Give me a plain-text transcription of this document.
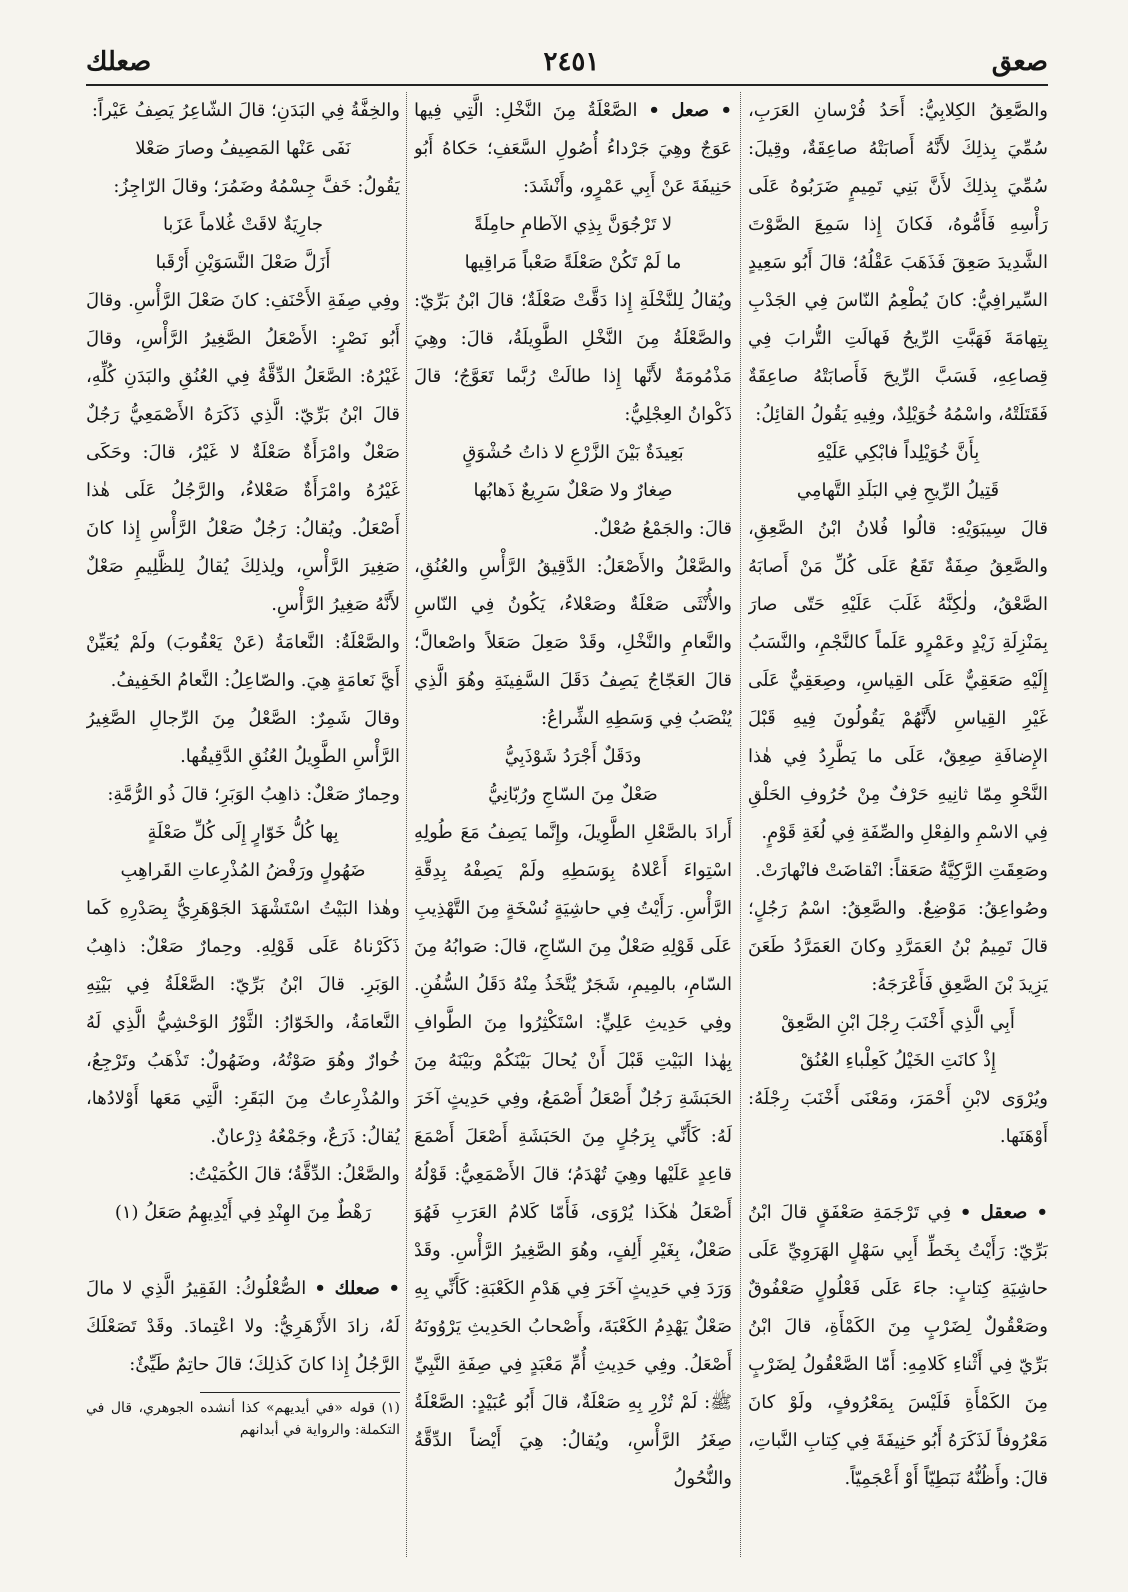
صعق
٢٤٥١
صعلك

والصَّعِقُ الكِلابِيُّ: أَحَدُ فُرْسانِ العَرَبِ، سُمِّيَ بِذلِكَ لأَنَّهُ أَصابَتْهُ صاعِقَةٌ، وقِيلَ: سُمِّيَ بِذلِكَ لأَنَّ بَنِي تَمِيمٍ ضَرَبُوهُ عَلَى رَأْسِهِ فَأَمُّوهُ، فَكانَ إِذا سَمِعَ الصَّوْتَ الشَّدِيدَ صَعِقَ فَذَهَبَ عَقْلُهُ؛ قالَ أَبُو سَعِيدٍ السِّيرافِيُّ: كانَ يُطْعِمُ النّاسَ فِي الجَدْبِ بِتِهامَةَ فَهَبَّتِ الرِّيحُ فَهالَتِ التُّرابَ فِي قِصاعِهِ، فَسَبَّ الرِّيحَ فَأَصابَتْهُ صاعِقَةٌ فَقَتَلَتْهُ، واسْمُهُ خُوَيْلِدٌ، وفِيهِ يَقُولُ القائِلُ:

بِأَنَّ خُوَيْلِداً فابْكِي عَلَيْهِ

قَتِيلُ الرِّيحِ فِي البَلَدِ التَّهامِي

قالَ سِيبَوَيْهِ: قالُوا فُلانُ ابْنُ الصَّعِقِ، والصَّعِقُ صِفَةٌ تَقَعُ عَلَى كُلِّ مَنْ أَصابَهُ الصَّعْقُ، ولٰكِنَّهُ غَلَبَ عَلَيْهِ حَتّى صارَ بِمَنْزِلَةِ زَيْدٍ وعَمْرٍو عَلَماً كالنَّجْمِ، والنَّسَبُ إِلَيْهِ صَعَقِيٌّ عَلَى القِياسِ، وصِعَقِيٌّ عَلَى غَيْرِ القِياسِ لأَنَّهُمْ يَقُولُونَ فِيهِ قَبْلَ الإِضافَةِ صِعِقٌ، عَلَى ما يَطَّرِدُ فِي هٰذا النَّحْوِ مِمّا ثانِيهِ حَرْفٌ مِنْ حُرُوفِ الحَلْقِ فِي الاسْمِ والفِعْلِ والصِّفَةِ فِي لُغَةِ قَوْمٍ.

وصَعِقَتِ الرَّكِيَّةُ صَعَقاً: انْقاضَتْ فانْهارَتْ.

وصُواعِقُ: مَوْضِعٌ. والصَّعِقُ: اسْمُ رَجُلٍ؛ قالَ تَمِيمُ بْنُ العَمَرَّدِ وكانَ العَمَرَّدُ طَعَنَ يَزِيدَ بْنَ الصَّعِقِ فَأَعْرَجَهُ:

أَبِي الَّذِي أَخْنَبَ رِجْلَ ابْنِ الصَّعِقْ

إِذْ كانَتِ الخَيْلُ كَعِلْباءِ العُنُقْ

ويُرْوَى لابْنِ أَحْمَرَ، ومَعْنَى أَخْنَبَ رِجْلَهُ: أَوْهَنَها.

• صعقل • فِي تَرْجَمَةِ صَعْفَقٍ قالَ ابْنُ بَرِّيّ: رَأَيْتُ بِخَطِّ أَبِي سَهْلٍ الهَرَوِيِّ عَلَى حاشِيَةِ كِتابٍ: جاءَ عَلَى فَعْلُولٍ صَعْفُوقٌ وصَعْقُولٌ لِضَرْبٍ مِنَ الكَمْأَةِ، قالَ ابْنُ بَرِّيّ فِي أَثْناءِ كَلامِهِ: أَمّا الصَّعْقُولُ لِضَرْبٍ مِنَ الكَمْأَةِ فَلَيْسَ بِمَعْرُوفٍ، ولَوْ كانَ مَعْرُوفاً لَذَكَرَهُ أَبُو حَنِيفَةَ فِي كِتابِ النَّباتِ، قالَ: وأَظُنُّهُ نَبَطِيّاً أَوْ أَعْجَمِيّاً.

• صعل • الصَّعْلَةُ مِنَ النَّخْلِ: الَّتِي فِيها عَوَجٌ وهِيَ جَرْداءُ أُصُولِ السَّعَفِ؛ حَكاهُ أَبُو حَنِيفَةَ عَنْ أَبِي عَمْرٍو، وأَنْشَدَ:

لا تَرْجُوَنَّ بِذِي الآطامِ حامِلَةً

ما لَمْ تَكُنْ صَعْلَةً صَعْباً مَراقِيها

ويُقالُ لِلنَّخْلَةِ إِذا دَقَّتْ صَعْلَةٌ؛ قالَ ابْنُ بَرِّيّ: والصَّعْلَةُ مِنَ النَّخْلِ الطَّوِيلَةُ، قالَ: وهِيَ مَذْمُومَةٌ لأَنَّها إِذا طالَتْ رُبَّما تَعَوَّجُ؛ قالَ ذَكْوانُ العِجْلِيُّ:

بَعِيدَةٌ بَيْنَ الزَّرْعِ لا ذاتُ حُشْوَقٍ

صِغارٌ ولا صَعْلٌ سَرِيعٌ ذَهابُها

قالَ: والجَمْعُ صُعْلٌ.

والصَّعْلُ والأَصْعَلُ: الدَّقِيقُ الرَّأْسِ والعُنُقِ، والأُنْثَى صَعْلَةٌ وصَعْلاءُ، يَكُونُ فِي النّاسِ والنَّعامِ والنَّخْلِ، وقَدْ صَعِلَ صَعَلاً واصْعالَّ؛ قالَ العَجّاجُ يَصِفُ دَقَلَ السَّفِينَةِ وهُوَ الَّذِي يُنْصَبُ فِي وَسَطِهِ الشِّراعُ:

ودَقَلٌ أَجْرَدُ شَوْذَبِيُّ

صَعْلٌ مِنَ السّاجِ ورُبّانِيُّ

أَرادَ بالصَّعْلِ الطَّوِيلَ، وإِنَّما يَصِفُ مَعَ طُولِهِ اسْتِواءَ أَعْلاهُ بِوَسَطِهِ ولَمْ يَصِفْهُ بِدِقَّةِ الرَّأْسِ. رَأَيْتُ فِي حاشِيَةٍ نُسْخَةٍ مِنَ التَّهْذِيبِ عَلَى قَوْلِهِ صَعْلٌ مِنَ السّاجِ، قالَ: صَوابُهُ مِنَ السّامِ، بالمِيمِ، شَجَرٌ يُتَّخَذُ مِنْهُ دَقَلُ السُّفُنِ. وفِي حَدِيثِ عَلِيٍّ: اسْتَكْثِرُوا مِنَ الطَّوافِ بِهٰذا البَيْتِ قَبْلَ أَنْ يُحالَ بَيْنَكُمْ وبَيْنَهُ مِنَ الحَبَشَةِ رَجُلٌ أَصْعَلُ أَصْمَعُ، وفِي حَدِيثٍ آخَرَ لَهُ: كَأَنِّي بِرَجُلٍ مِنَ الحَبَشَةِ أَصْعَلَ أَصْمَعَ قاعِدٍ عَلَيْها وهِيَ تُهْدَمُ؛ قالَ الأَصْمَعِيُّ: قَوْلُهُ أَصْعَلُ هٰكَذا يُرْوَى، فَأَمّا كَلامُ العَرَبِ فَهُوَ صَعْلٌ، بِغَيْرِ أَلِفٍ، وهُوَ الصَّغِيرُ الرَّأْسِ. وقَدْ وَرَدَ فِي حَدِيثٍ آخَرَ فِي هَدْمِ الكَعْبَةِ: كَأَنِّي بِهِ صَعْلٌ يَهْدِمُ الكَعْبَةَ، وأَصْحابُ الحَدِيثِ يَرْوُونَهُ أَصْعَلُ. وفِي حَدِيثِ أُمِّ مَعْبَدٍ فِي صِفَةِ النَّبِيِّ ﷺ: لَمْ تُزْرِ بِهِ صَعْلَةٌ، قالَ أَبُو عُبَيْدٍ: الصَّعْلَةُ صِغَرُ الرَّأْسِ، ويُقالُ: هِيَ أَيْضاً الدِّقَّةُ والنُّحُولُ

والخِفَّةُ فِي البَدَنِ؛ قالَ الشّاعِرُ يَصِفُ عَيْراً:

نَفَى عَنْها المَصِيفُ وصارَ صَعْلا

يَقُولُ: خَفَّ جِسْمُهُ وضَمُرَ؛ وقالَ الرّاجِزُ:

جارِيَةٌ لاقَتْ غُلاماً عَزَبا

أَزَلَّ صَعْلَ النَّسَوَيْنِ أَرْقَبا

وفِي صِفَةِ الأَحْنَفِ: كانَ صَعْلَ الرَّأْسِ. وقالَ أَبُو نَصْرٍ: الأَصْعَلُ الصَّغِيرُ الرَّأْسِ، وقالَ غَيْرُهُ: الصَّعَلُ الدِّقَّةُ فِي العُنُقِ والبَدَنِ كُلِّهِ، قالَ ابْنُ بَرِّيّ: الَّذِي ذَكَرَهُ الأَصْمَعِيُّ رَجُلٌ صَعْلٌ وامْرَأَةٌ صَعْلَةٌ لا غَيْرُ، قالَ: وحَكَى غَيْرُهُ وامْرَأَةٌ صَعْلاءُ، والرَّجُلُ عَلَى هٰذا أَصْعَلُ. ويُقالُ: رَجُلٌ صَعْلُ الرَّأْسِ إِذا كانَ صَغِيرَ الرَّأْسِ، ولِذلِكَ يُقالُ لِلظَّلِيمِ صَعْلٌ لأَنَّهُ صَغِيرُ الرَّأْسِ.

والصَّعْلَةُ: النَّعامَةُ (عَنْ يَعْقُوبَ) ولَمْ يُعَيِّنْ أَيَّ نَعامَةٍ هِيَ. والصّاعِلُ: النَّعامُ الخَفِيفُ.

وقالَ شَمِرٌ: الصَّعْلُ مِنَ الرِّجالِ الصَّغِيرُ الرَّأْسِ الطَّوِيلُ العُنُقِ الدَّقِيقُها.

وحِمارٌ صَعْلٌ: ذاهِبُ الوَبَرِ؛ قالَ ذُو الرُّمَّةِ:

بِها كُلُّ خَوّارٍ إِلَى كُلِّ صَعْلَةٍ

ضَهُولٍ ورَفْضُ المُذْرِعاتِ القَراهِبِ

وهٰذا البَيْتُ اسْتَشْهَدَ الجَوْهَرِيُّ بِصَدْرِهِ كَما ذَكَرْناهُ عَلَى قَوْلِهِ. وحِمارٌ صَعْلٌ: ذاهِبُ الوَبَرِ. قالَ ابْنُ بَرِّيّ: الصَّعْلَةُ فِي بَيْتِهِ النَّعامَةُ، والخَوّارُ: الثَّوْرُ الوَحْشِيُّ الَّذِي لَهُ خُوارٌ وهُوَ صَوْتُهُ، وضَهُولٌ: تَذْهَبُ وتَرْجِعُ، والمُذْرِعاتُ مِنَ البَقَرِ: الَّتِي مَعَها أَوْلادُها، يُقالُ: ذَرَعٌ، وجَمْعُهُ ذِرْعانٌ.

والصَّعْلُ: الدِّقَّةُ؛ قالَ الكُمَيْتُ:

رَهْطٌ مِنَ الهِنْدِ فِي أَيْدِيهِمُ صَعَلُ (١)

• صعلك • الصُّعْلُوكُ: الفَقِيرُ الَّذِي لا مالَ لَهُ، زادَ الأَزْهَرِيُّ: ولا اعْتِمادَ. وقَدْ تَصَعْلَكَ الرَّجُلُ إِذا كانَ كَذلِكَ؛ قالَ حاتِمٌ طَيِّئٌ:

(١) قوله «في أيديهم» كذا أنشده الجوهري، قال في التكملة: والرواية في أبدانهم
